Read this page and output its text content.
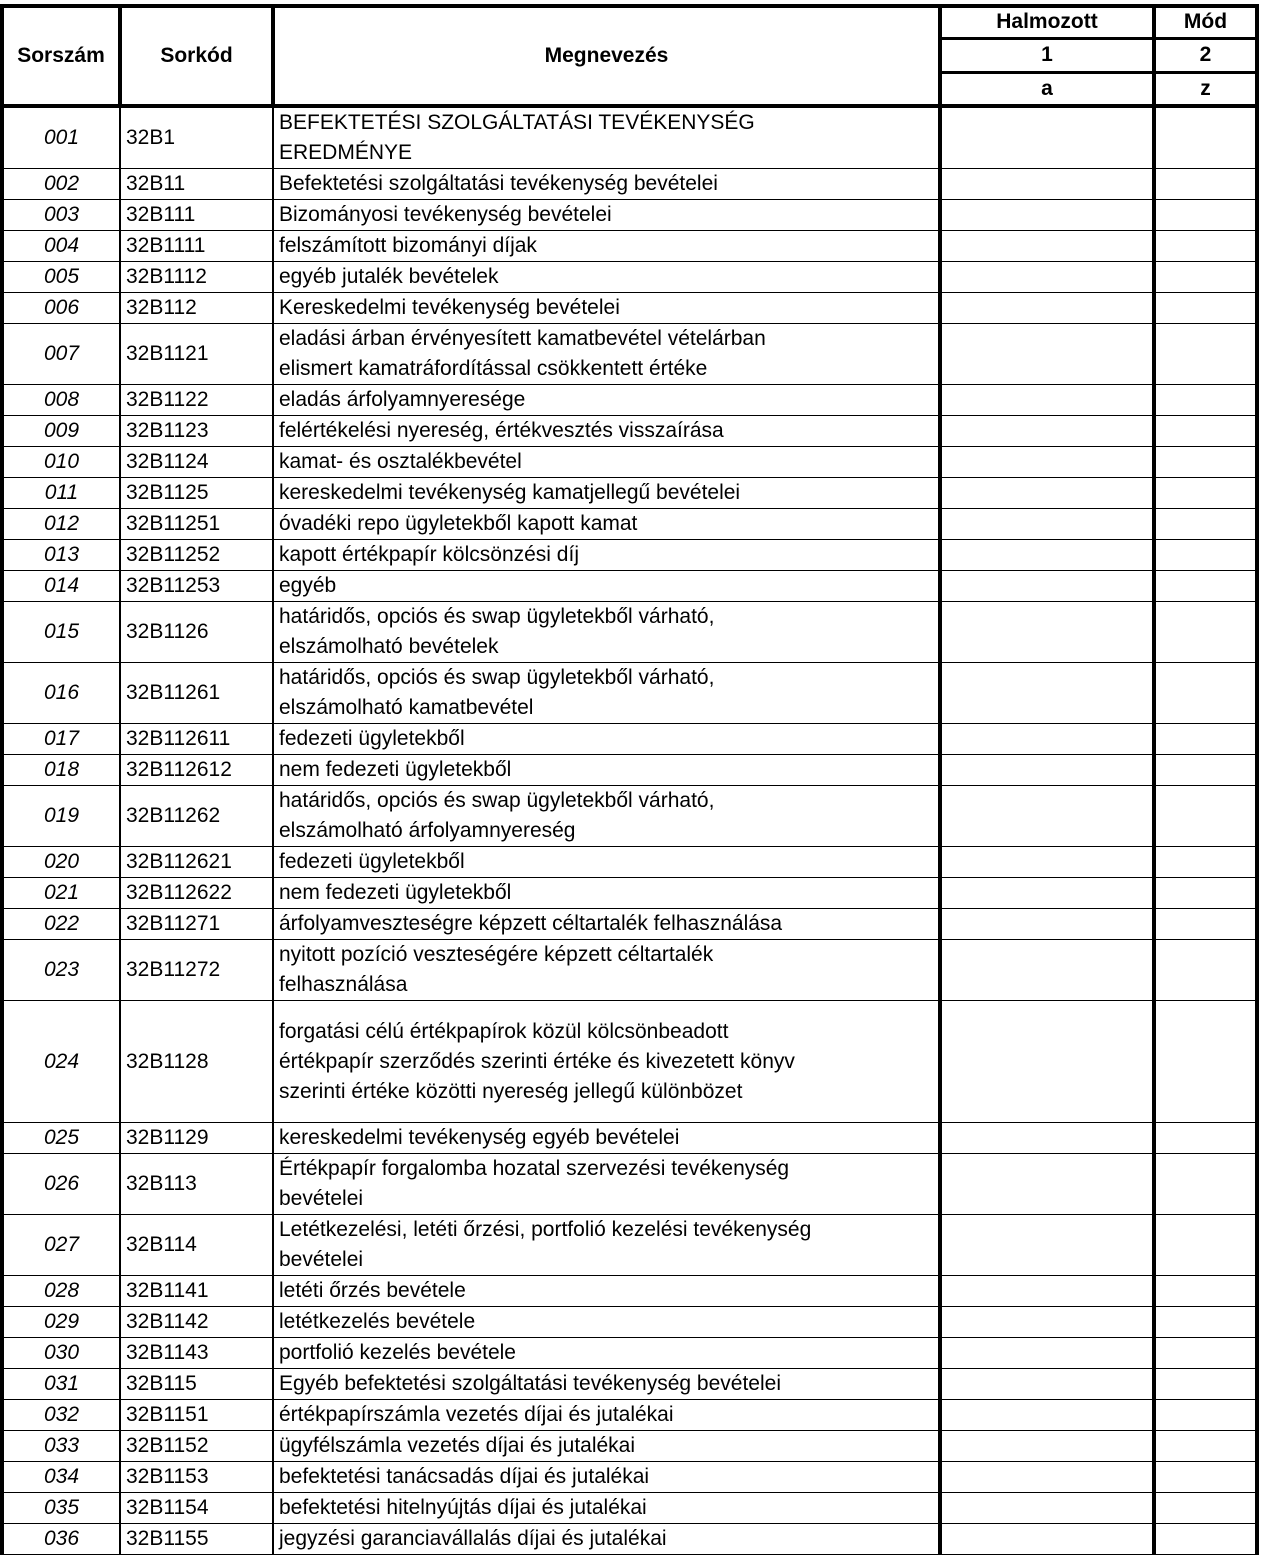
Sorszám	Sorkód	Megnevezés	Halmozott	Mód
			1	2
			a	z
001	32B1	BEFEKTETÉSI SZOLGÁLTATÁSI TEVÉKENYSÉG
EREDMÉNYE		
002	32B11	Befektetési szolgáltatási tevékenység bevételei		
003	32B111	Bizományosi tevékenység bevételei		
004	32B1111	felszámított bizományi díjak		
005	32B1112	egyéb jutalék bevételek		
006	32B112	Kereskedelmi tevékenység bevételei		
007	32B1121	eladási árban érvényesített kamatbevétel vételárban
elismert kamatráfordítással csökkentett értéke		
008	32B1122	eladás árfolyamnyeresége		
009	32B1123	felértékelési nyereség, értékvesztés visszaírása		
010	32B1124	kamat- és osztalékbevétel		
011	32B1125	kereskedelmi tevékenység kamatjellegű bevételei		
012	32B11251	óvadéki repo ügyletekből kapott kamat		
013	32B11252	kapott értékpapír kölcsönzési díj		
014	32B11253	egyéb		
015	32B1126	határidős, opciós és swap ügyletekből várható,
elszámolható bevételek		
016	32B11261	határidős, opciós és swap ügyletekből várható,
elszámolható kamatbevétel		
017	32B112611	fedezeti ügyletekből		
018	32B112612	nem fedezeti ügyletekből		
019	32B11262	határidős, opciós és swap ügyletekből várható,
elszámolható árfolyamnyereség		
020	32B112621	fedezeti ügyletekből		
021	32B112622	nem fedezeti ügyletekből		
022	32B11271	árfolyamveszteségre képzett céltartalék felhasználása		
023	32B11272	nyitott pozíció veszteségére képzett céltartalék
felhasználása		
024	32B1128	forgatási célú értékpapírok közül kölcsönbeadott
értékpapír szerződés szerinti értéke és kivezetett könyv
szerinti értéke közötti nyereség jellegű különbözet		
025	32B1129	kereskedelmi tevékenység egyéb bevételei		
026	32B113	Értékpapír forgalomba hozatal szervezési tevékenység
bevételei		
027	32B114	Letétkezelési, letéti őrzési, portfolió kezelési tevékenység
bevételei		
028	32B1141	letéti őrzés bevétele		
029	32B1142	letétkezelés bevétele		
030	32B1143	portfolió kezelés bevétele		
031	32B115	Egyéb befektetési szolgáltatási tevékenység bevételei		
032	32B1151	értékpapírszámla vezetés díjai és jutalékai		
033	32B1152	ügyfélszámla vezetés díjai és jutalékai		
034	32B1153	befektetési tanácsadás díjai és jutalékai		
035	32B1154	befektetési hitelnyújtás díjai és jutalékai		
036	32B1155	jegyzési garanciavállalás díjai és jutalékai		
